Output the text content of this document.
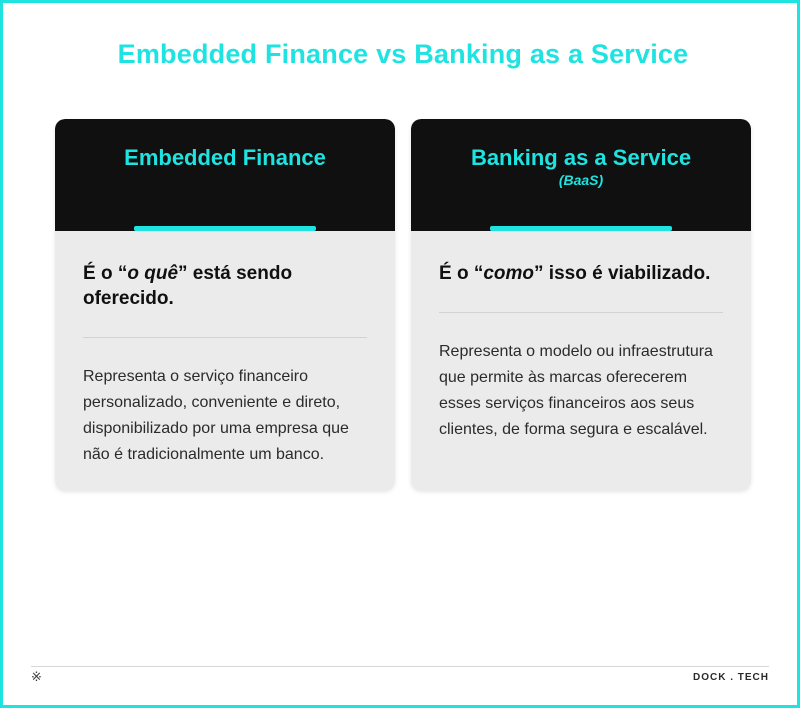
Embedded Finance vs Banking as a Service
Embedded Finance
É o “o quê” está sendo oferecido.
Representa o serviço financeiro personalizado, conveniente e direto, disponibilizado por uma empresa que não é tradicionalmente um banco.
Banking as a Service
(BaaS)
É o “como” isso é viabilizado.
Representa o modelo ou infraestrutura que permite às marcas oferecerem esses serviços financeiros aos seus clientes, de forma segura e escalável.
※	DOCK . TECH
